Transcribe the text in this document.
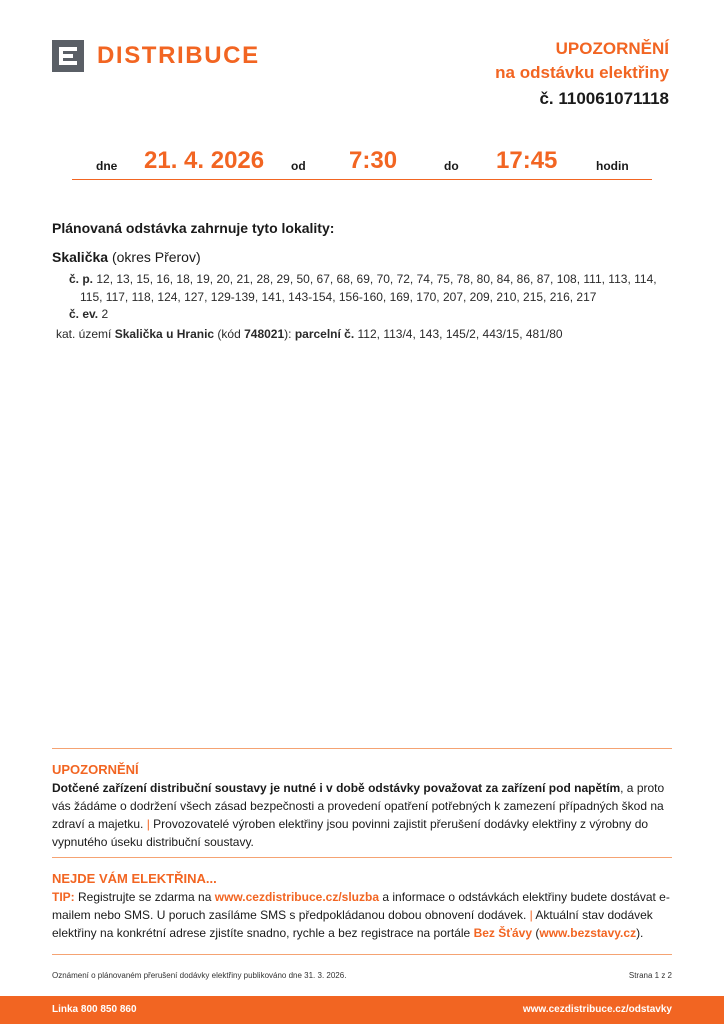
DISTRIBUCE	UPOZORNĚNÍ
na odstávku elektřiny
č. 110061071118
dne 21. 4. 2026 od 7:30	do 17:45	hodin
Plánovaná odstávka zahrnuje tyto lokality:
Skalička (okres Přerov)
č. p. 12, 13, 15, 16, 18, 19, 20, 21, 28, 29, 50, 67, 68, 69, 70, 72, 74, 75, 78, 80, 84, 86, 87, 108, 111, 113, 114,
115, 117, 118, 124, 127, 129-139, 141, 143-154, 156-160, 169, 170, 207, 209, 210, 215, 216, 217
č. ev. 2
kat. území Skalička u Hranic (kód 748021): parcelní č. 112, 113/4, 143, 145/2, 443/15, 481/80
UPOZORNĚNÍ
Dotčené zařízení distribuční soustavy je nutné i v době odstávky považovat za zařízení pod napětím, a proto vás žádáme o dodržení všech zásad bezpečnosti a provedení opatření potřebných k zamezení případných škod na zdraví a majetku. | Provozovatelé výroben elektřiny jsou povinni zajistit přerušení dodávky elektřiny z výrobny do vypnutého úseku distribuční soustavy.
NEJDE VÁM ELEKTŘINA...
TIP: Registrujte se zdarma na www.cezdistribuce.cz/sluzba a informace o odstávkách elektřiny budete dostávat e-mailem nebo SMS. U poruch zasíláme SMS s předpokládanou dobou obnovení dodávek. | Aktuální stav dodávek elektřiny na konkrétní adrese zjistíte snadno, rychle a bez registrace na portále Bez Šťávy (www.bezstavy.cz).
Oznámení o plánovaném přerušení dodávky elektřiny publikováno dne 31. 3. 2026.	Strana 1 z 2
Linka 800 850 860	www.cezdistribuce.cz/odstavky
